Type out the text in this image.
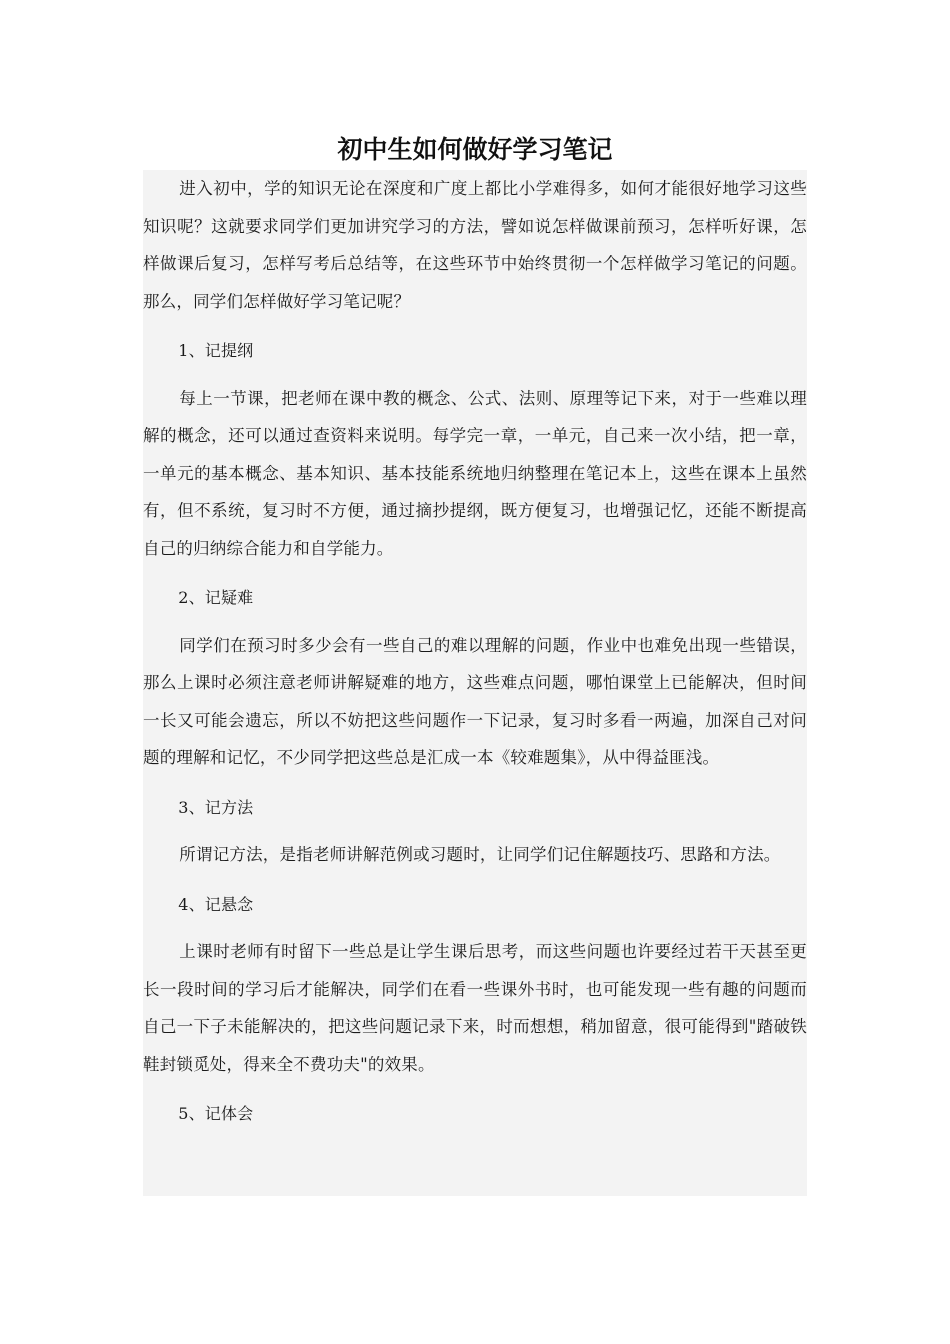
初中生如何做好学习笔记

进入初中，学的知识无论在深度和广度上都比小学难得多，如何才能很好地学习这些知识呢？这就要求同学们更加讲究学习的方法，譬如说怎样做课前预习，怎样听好课，怎样做课后复习，怎样写考后总结等，在这些环节中始终贯彻一个怎样做学习笔记的问题。那么，同学们怎样做好学习笔记呢？

1、记提纲

每上一节课，把老师在课中教的概念、公式、法则、原理等记下来，对于一些难以理解的概念，还可以通过查资料来说明。每学完一章，一单元，自己来一次小结，把一章，一单元的基本概念、基本知识、基本技能系统地归纳整理在笔记本上，这些在课本上虽然有，但不系统，复习时不方便，通过摘抄提纲，既方便复习，也增强记忆，还能不断提高自己的归纳综合能力和自学能力。

2、记疑难

同学们在预习时多少会有一些自己的难以理解的问题，作业中也难免出现一些错误，那么上课时必须注意老师讲解疑难的地方，这些难点问题，哪怕课堂上已能解决，但时间一长又可能会遗忘，所以不妨把这些问题作一下记录，复习时多看一两遍，加深自己对问题的理解和记忆，不少同学把这些总是汇成一本《较难题集》，从中得益匪浅。

3、记方法

所谓记方法，是指老师讲解范例或习题时，让同学们记住解题技巧、思路和方法。

4、记悬念

上课时老师有时留下一些总是让学生课后思考，而这些问题也许要经过若干天甚至更长一段时间的学习后才能解决，同学们在看一些课外书时，也可能发现一些有趣的问题而自己一下子未能解决的，把这些问题记录下来，时而想想，稍加留意，很可能得到"踏破铁鞋封锁觅处，得来全不费功夫"的效果。

5、记体会
